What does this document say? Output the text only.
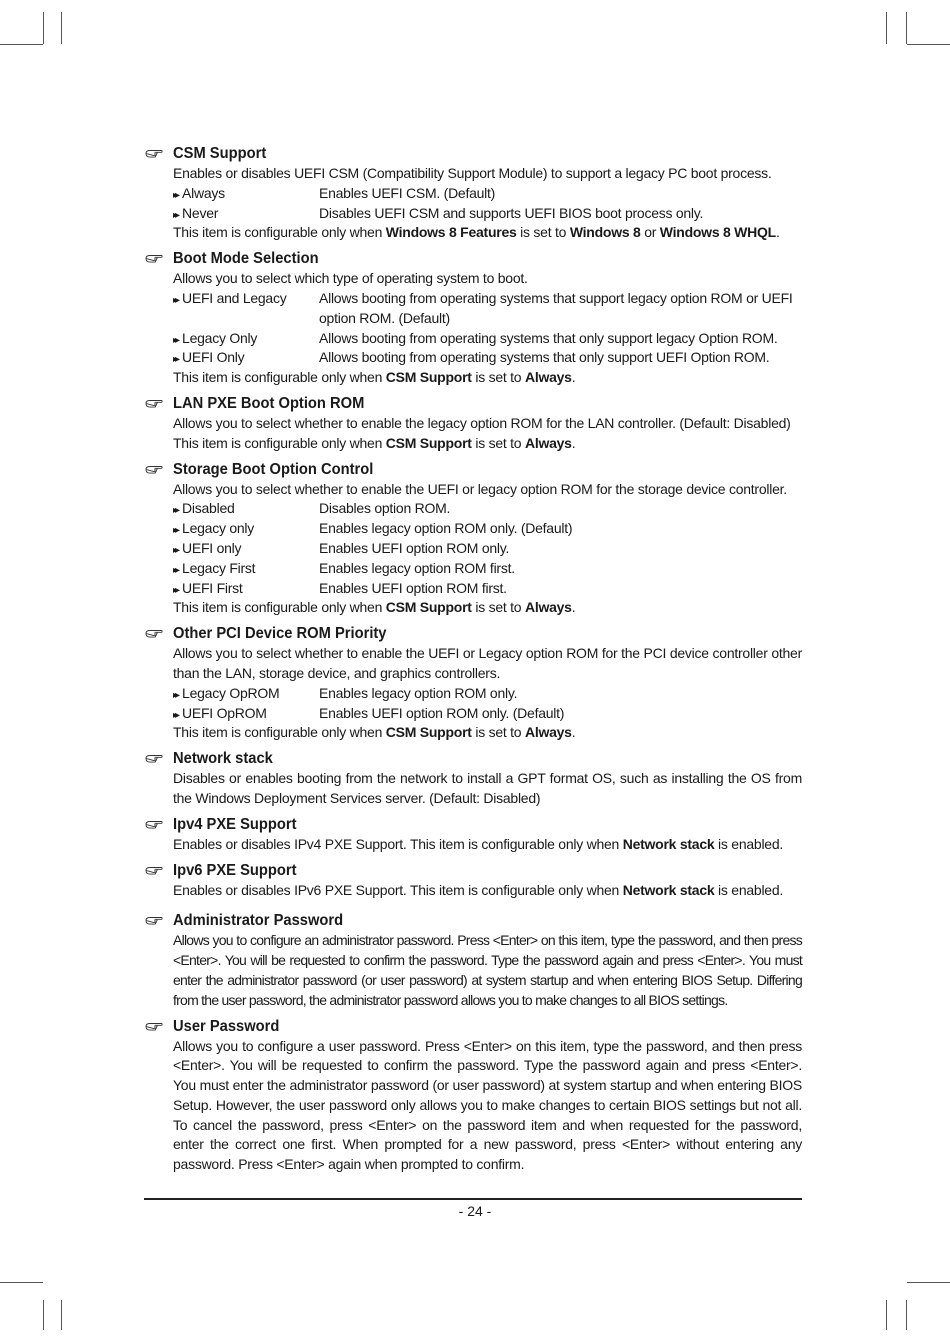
CSM Support
Enables or disables UEFI CSM (Compatibility Support Module) to support a legacy PC boot process.
▸▸ Always	Enables UEFI CSM. (Default)
▸▸ Never	Disables UEFI CSM and supports UEFI BIOS boot process only.
This item is configurable only when Windows 8 Features is set to Windows 8 or Windows 8 WHQL.
Boot Mode Selection
Allows you to select which type of operating system to boot.
▸▸ UEFI and Legacy	Allows booting from operating systems that support legacy option ROM or UEFI option ROM. (Default)
▸▸ Legacy Only	Allows booting from operating systems that only support legacy Option ROM.
▸▸ UEFI Only	Allows booting from operating systems that only support UEFI Option ROM.
This item is configurable only when CSM Support is set to Always.
LAN PXE Boot Option ROM
Allows you to select whether to enable the legacy option ROM for the LAN controller. (Default: Disabled)
This item is configurable only when CSM Support is set to Always.
Storage Boot Option Control
Allows you to select whether to enable the UEFI or legacy option ROM for the storage device controller.
▸▸ Disabled	Disables option ROM.
▸▸ Legacy only	Enables legacy option ROM only. (Default)
▸▸ UEFI only	Enables UEFI option ROM only.
▸▸ Legacy First	Enables legacy option ROM first.
▸▸ UEFI First	Enables UEFI option ROM first.
This item is configurable only when CSM Support is set to Always.
Other PCI Device ROM Priority
Allows you to select whether to enable the UEFI or Legacy option ROM for the PCI device controller other than the LAN, storage device, and graphics controllers.
▸▸ Legacy OpROM	Enables legacy option ROM only.
▸▸ UEFI OpROM	Enables UEFI option ROM only. (Default)
This item is configurable only when CSM Support is set to Always.
Network stack
Disables or enables booting from the network to install a GPT format OS, such as installing the OS from the Windows Deployment Services server. (Default: Disabled)
Ipv4 PXE Support
Enables or disables IPv4 PXE Support. This item is configurable only when Network stack is enabled.
Ipv6 PXE Support
Enables or disables IPv6 PXE Support. This item is configurable only when Network stack is enabled.
Administrator Password
Allows you to configure an administrator password. Press <Enter> on this item, type the password, and then press <Enter>. You will be requested to confirm the password. Type the password again and press <Enter>. You must enter the administrator password (or user password) at system startup and when entering BIOS Setup. Differing from the user password, the administrator password allows you to make changes to all BIOS settings.
User Password
Allows you to configure a user password. Press <Enter> on this item, type the password, and then press <Enter>. You will be requested to confirm the password. Type the password again and press <Enter>. You must enter the administrator password (or user password) at system startup and when entering BIOS Setup. However, the user password only allows you to make changes to certain BIOS settings but not all. To cancel the password, press <Enter> on the password item and when requested for the password, enter the correct one first. When prompted for a new password, press <Enter> without entering any password. Press <Enter> again when prompted to confirm.
- 24 -
